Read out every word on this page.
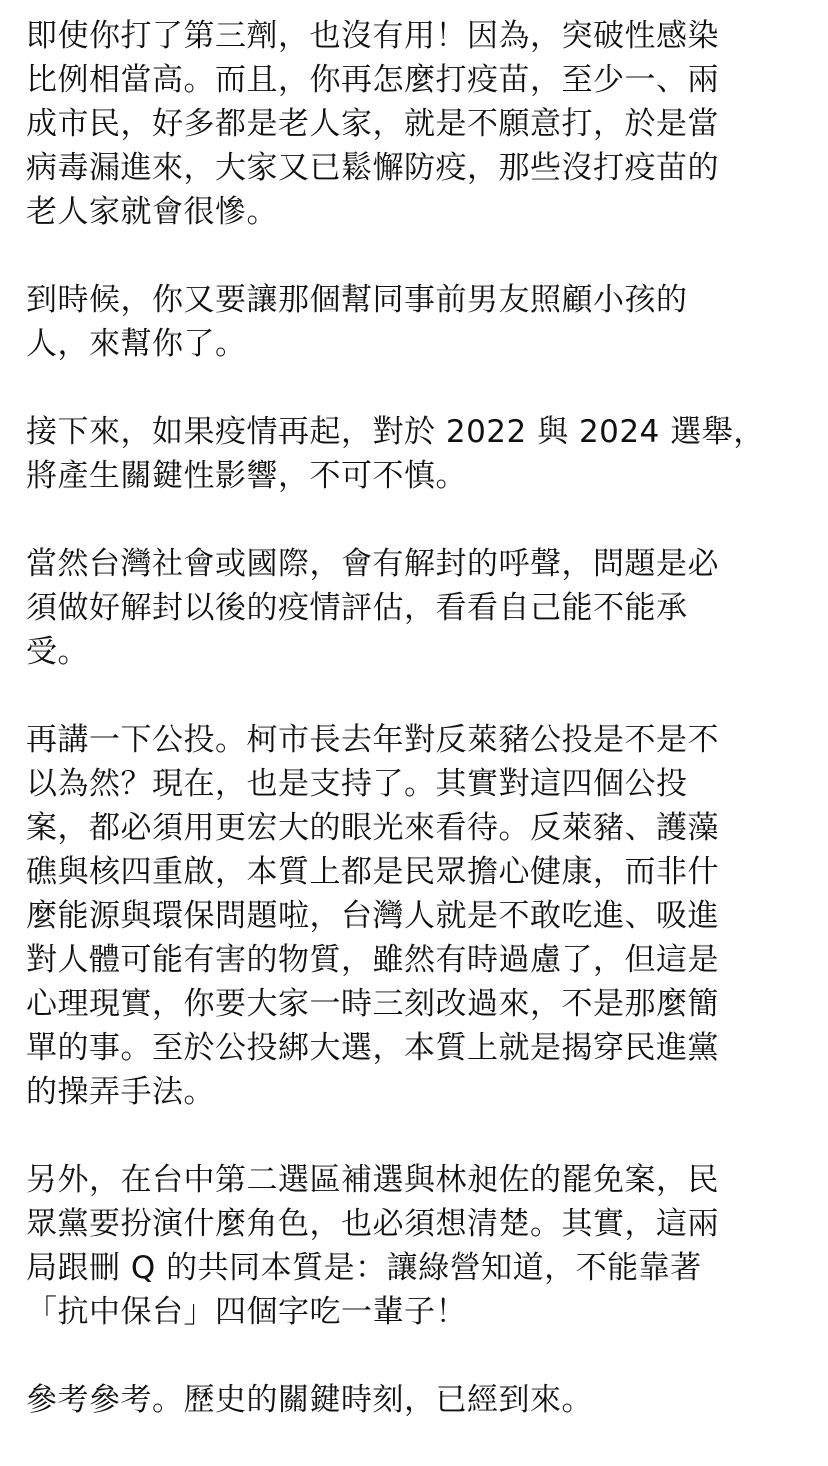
即使你打了第三劑，也沒有用！因為，突破性感染
比例相當高。而且，你再怎麼打疫苗，至少一、兩
成市民，好多都是老人家，就是不願意打，於是當
病毒漏進來，大家又已鬆懈防疫，那些沒打疫苗的
老人家就會很慘。
到時候，你又要讓那個幫同事前男友照顧小孩的
人，來幫你了。
接下來，如果疫情再起，對於 2022 與 2024 選舉，
將產生關鍵性影響，不可不慎。
當然台灣社會或國際，會有解封的呼聲，問題是必
須做好解封以後的疫情評估，看看自己能不能承
受。
再講一下公投。柯市長去年對反萊豬公投是不是不
以為然？現在，也是支持了。其實對這四個公投
案，都必須用更宏大的眼光來看待。反萊豬、護藻
礁與核四重啟，本質上都是民眾擔心健康，而非什
麼能源與環保問題啦，台灣人就是不敢吃進、吸進
對人體可能有害的物質，雖然有時過慮了，但這是
心理現實，你要大家一時三刻改過來，不是那麼簡
單的事。至於公投綁大選，本質上就是揭穿民進黨
的操弄手法。
另外，在台中第二選區補選與林昶佐的罷免案，民
眾黨要扮演什麼角色，也必須想清楚。其實，這兩
局跟刪 Q 的共同本質是：讓綠營知道，不能靠著
「抗中保台」四個字吃一輩子！
參考參考。歷史的關鍵時刻，已經到來。
